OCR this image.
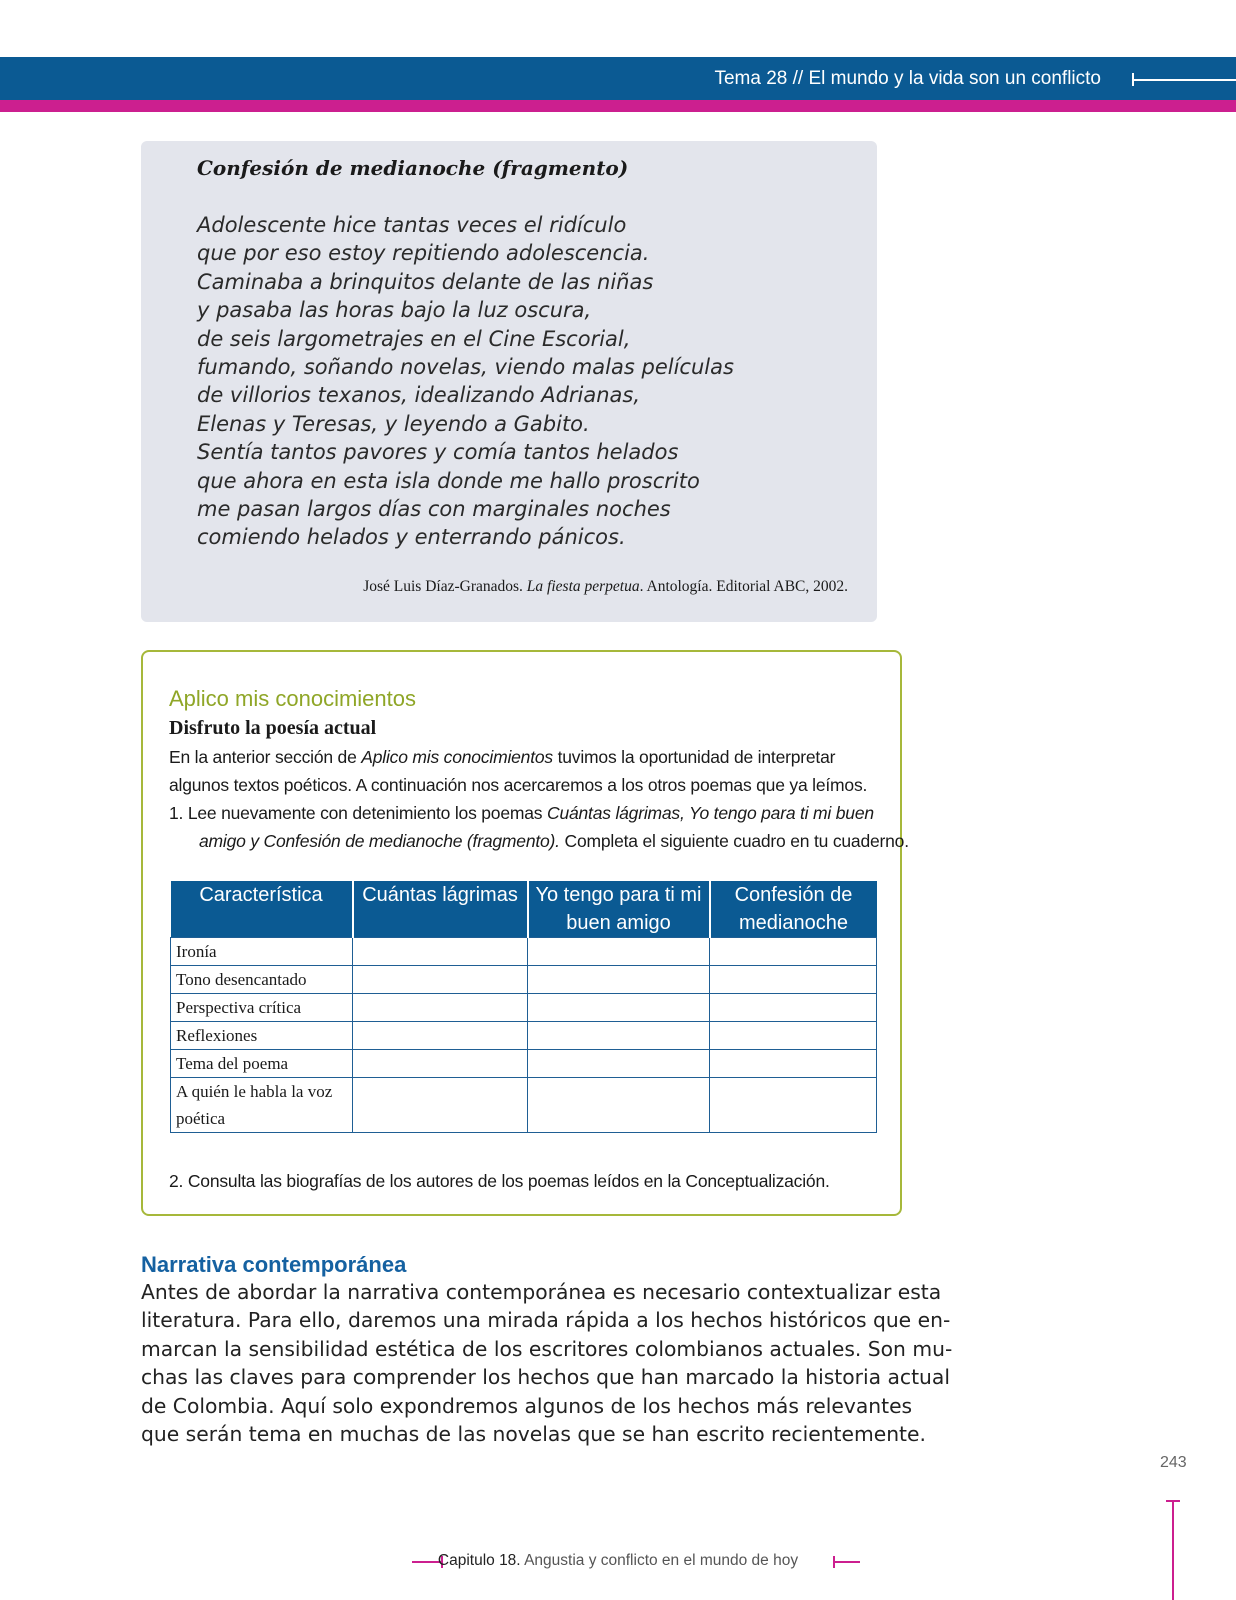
Tema 28 // El mundo y la vida son un conflicto
Confesión de medianoche (fragmento)
Adolescente hice tantas veces el ridículo
que por eso estoy repitiendo adolescencia.
Caminaba a brinquitos delante de las niñas
y pasaba las horas bajo la luz oscura,
de seis largometrajes en el Cine Escorial,
fumando, soñando novelas, viendo malas películas
de villorios texanos, idealizando Adrianas,
Elenas y Teresas, y leyendo a Gabito.
Sentía tantos pavores y comía tantos helados
que ahora en esta isla donde me hallo proscrito
me pasan largos días con marginales noches
comiendo helados y enterrando pánicos.
José Luis Díaz-Granados. La fiesta perpetua. Antología. Editorial ABC, 2002.
Aplico mis conocimientos
Disfruto la poesía actual
En la anterior sección de Aplico mis conocimientos tuvimos la oportunidad de interpretar
algunos textos poéticos. A continuación nos acercaremos a los otros poemas que ya leímos.
1. Lee nuevamente con detenimiento los poemas Cuántas lágrimas, Yo tengo para ti mi buen
amigo y Confesión de medianoche (fragmento). Completa el siguiente cuadro en tu cuaderno.
Característica	Cuántas lágrimas	Yo tengo para ti mi buen amigo	Confesión de medianoche
Ironía			
Tono desencantado			
Perspectiva crítica			
Reflexiones			
Tema del poema			
A quién le habla la voz poética			
2. Consulta las biografías de los autores de los poemas leídos en la Conceptualización.
Narrativa contemporánea
Antes de abordar la narrativa contemporánea es necesario contextualizar esta
literatura. Para ello, daremos una mirada rápida a los hechos históricos que en-
marcan la sensibilidad estética de los escritores colombianos actuales. Son mu-
chas las claves para comprender los hechos que han marcado la historia actual
de Colombia. Aquí solo expondremos algunos de los hechos más relevantes
que serán tema en muchas de las novelas que se han escrito recientemente.
243
Capitulo 18. Angustia y conflicto en el mundo de hoy
